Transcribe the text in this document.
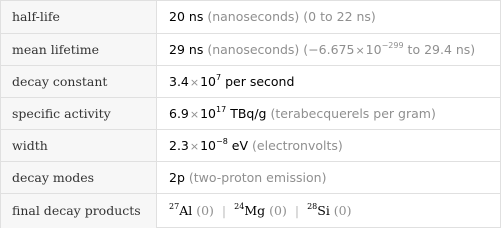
half-life	20 ns (nanoseconds) (0 to 22 ns)
mean lifetime	29 ns (nanoseconds) ($-6.675\times 10^{-299}$ to 29.4 ns)
decay constant	$3.4\times 10^7$ per second
specific activity	$6.9\times 10^{17}$ TBq/g (terabecquerels per gram)
width	$2.3\times 10^{-8}$ eV (electronvolts)
decay modes	2p (two-proton emission)
final decay products	$^{27}$Al (0) | $^{24}$Mg (0) | $^{28}$Si (0)
